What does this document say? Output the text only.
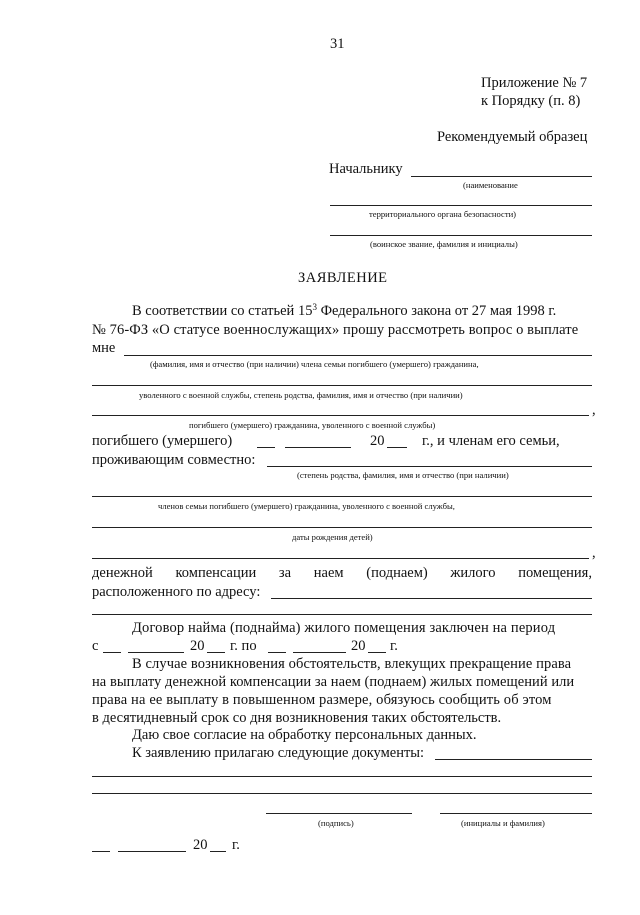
31
Приложение № 7
к Порядку (п. 8)
Рекомендуемый образец
Начальнику
(наименование
территориального органа безопасности)
(воинское звание, фамилия и инициалы)
ЗАЯВЛЕНИЕ
В соответствии со статьей $15^3$ Федерального закона от 27 мая 1998 г.
№ 76-ФЗ «О статусе военнослужащих» прошу рассмотреть вопрос о выплате
мне
(фамилия, имя и отчество (при наличии) члена семьи погибшего (умершего) гражданина,
уволенного с военной службы, степень родства, фамилия, имя и отчество (при наличии)
,
погибшего (умершего) гражданина, уволенного с военной службы)
погибшего (умершего)	20	г., и членам его семьи,
проживающим совместно:
(степень родства, фамилия, имя и отчество (при наличии)
членов семьи погибшего (умершего) гражданина, уволенного с военной службы,
даты рождения детей)
,
денежной компенсации за наем (поднаем) жилого помещения,
расположенного по адресу:
Договор найма (поднайма) жилого помещения заключен на период
с	20 г. по	20 г.
В случае возникновения обстоятельств, влекущих прекращение права
на выплату денежной компенсации за наем (поднаем) жилых помещений или
права на ее выплату в повышенном размере, обязуюсь сообщить об этом
в десятидневный срок со дня возникновения таких обстоятельств.
Даю свое согласие на обработку персональных данных.
К заявлению прилагаю следующие документы:
(подпись)	(инициалы и фамилия)
20 г.
